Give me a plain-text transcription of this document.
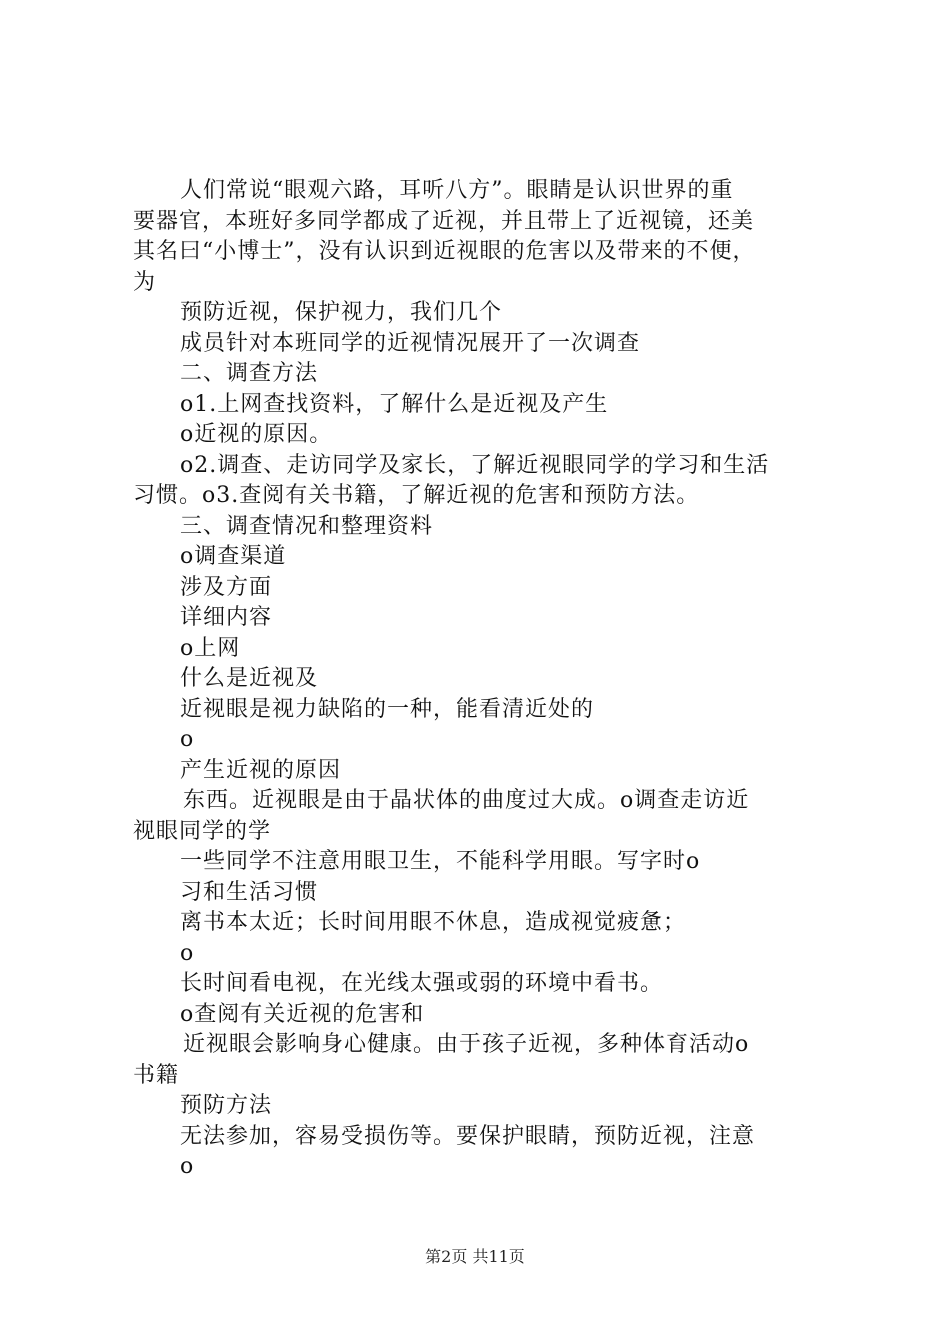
人们常说“眼观六路，耳听八方”。眼睛是认识世界的重
要器官，本班好多同学都成了近视，并且带上了近视镜，还美
其名曰“小博士”，没有认识到近视眼的危害以及带来的不便，
为
预防近视，保护视力，我们几个
成员针对本班同学的近视情况展开了一次调查
二、调查方法
o1.上网查找资料，了解什么是近视及产生
o近视的原因。
o2.调查、走访同学及家长，了解近视眼同学的学习和生活
习惯。o3.查阅有关书籍，了解近视的危害和预防方法。
三、调查情况和整理资料
o调查渠道
涉及方面
详细内容
o上网
什么是近视及
近视眼是视力缺陷的一种，能看清近处的
o
产生近视的原因
东西。近视眼是由于晶状体的曲度过大成。o调查走访近
视眼同学的学
一些同学不注意用眼卫生，不能科学用眼。写字时o
习和生活习惯
离书本太近；长时间用眼不休息，造成视觉疲惫；
o
长时间看电视，在光线太强或弱的环境中看书。
o查阅有关近视的危害和
近视眼会影响身心健康。由于孩子近视，多种体育活动o
书籍
预防方法
无法参加，容易受损伤等。要保护眼睛，预防近视，注意
o
第2页 共11页
